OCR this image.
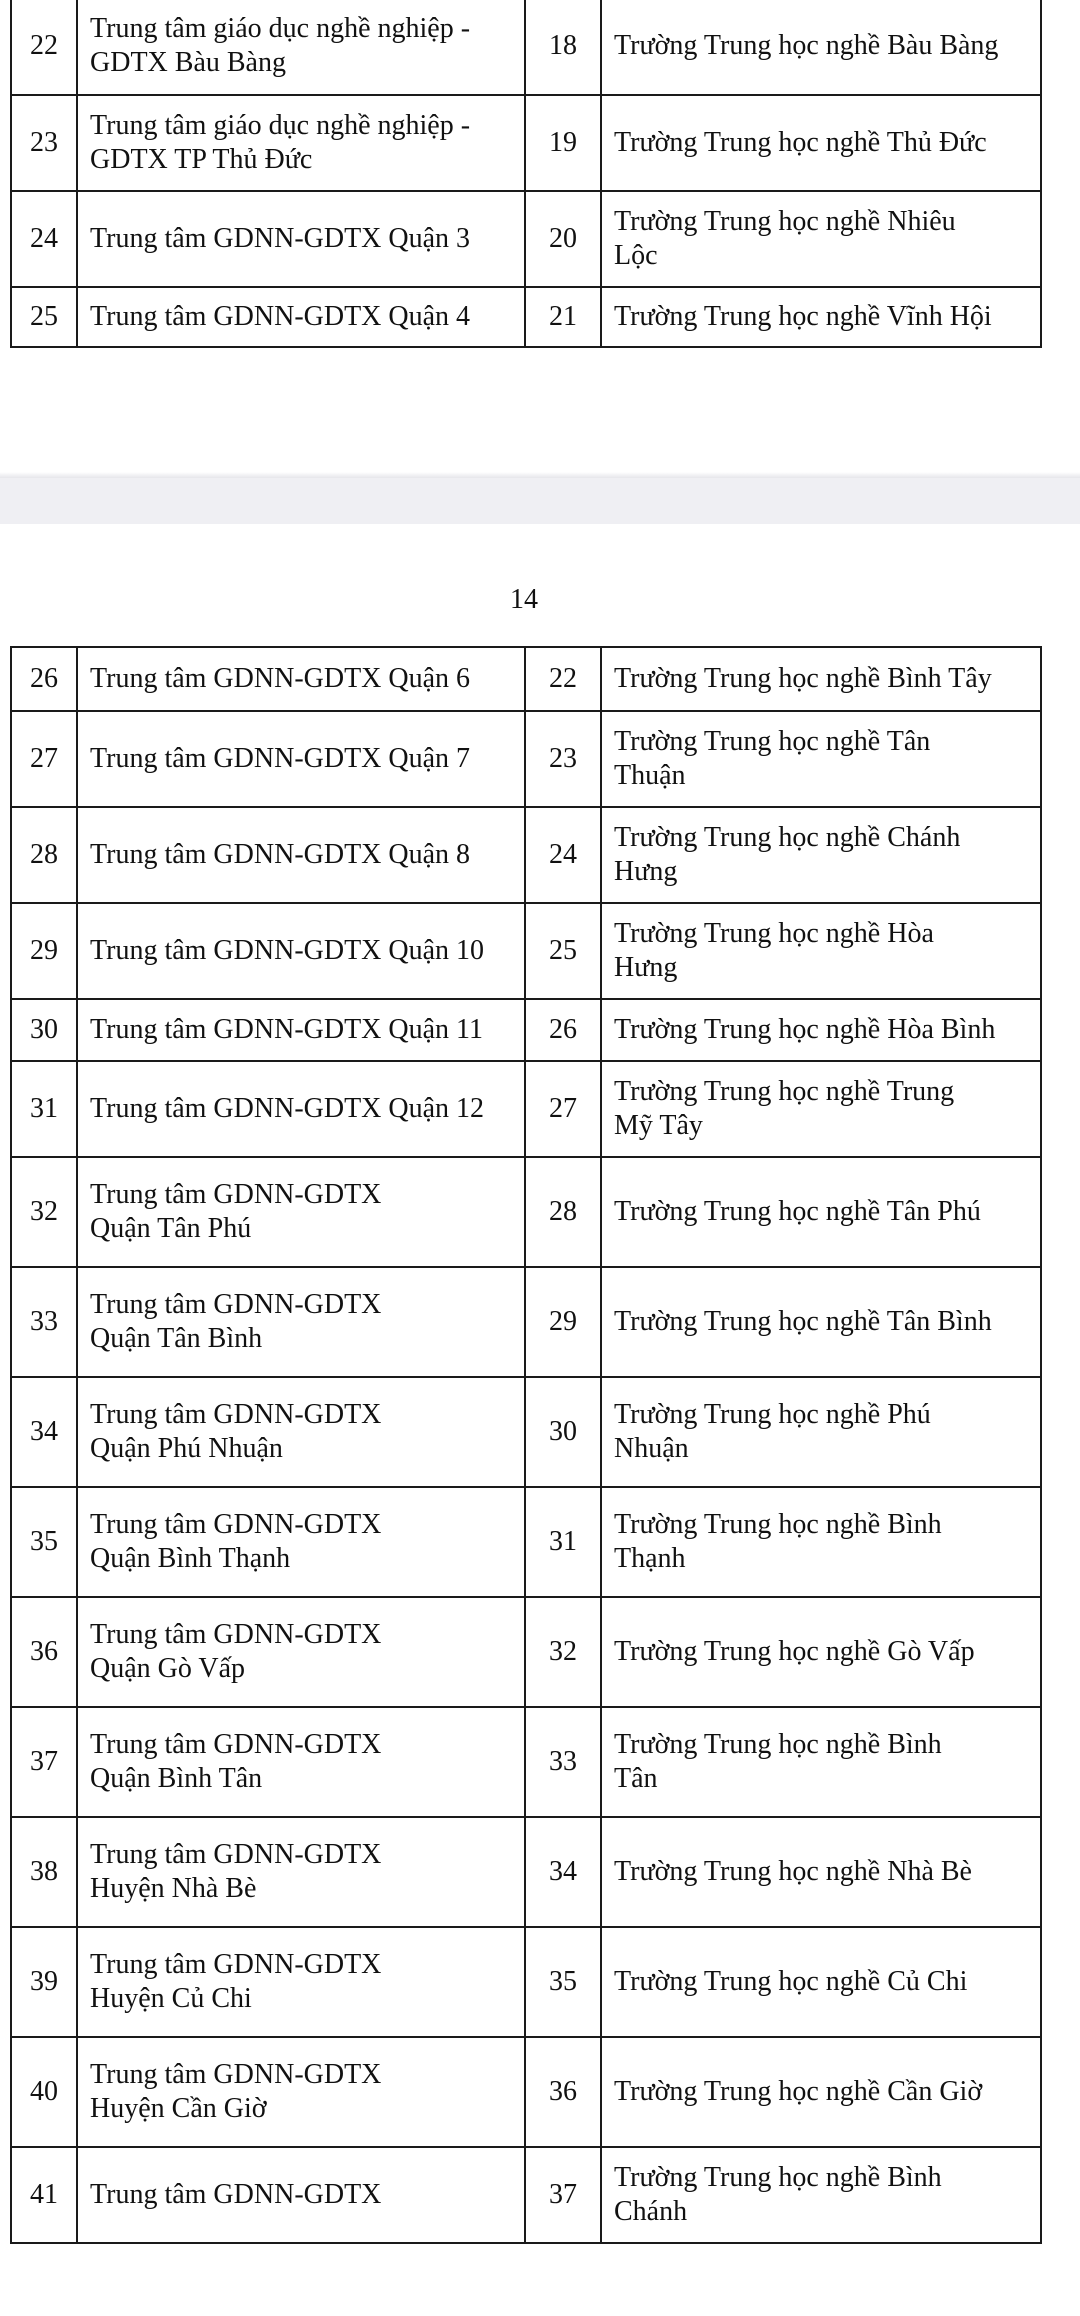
22	Trung tâm giáo dục nghề nghiệp -
GDTX Bàu Bàng	18	Trường Trung học nghề Bàu Bàng
23	Trung tâm giáo dục nghề nghiệp -
GDTX TP Thủ Đức	19	Trường Trung học nghề Thủ Đức
24	Trung tâm GDNN-GDTX Quận 3	20	Trường Trung học nghề Nhiêu
Lộc
25	Trung tâm GDNN-GDTX Quận 4	21	Trường Trung học nghề Vĩnh Hội
14
26	Trung tâm GDNN-GDTX Quận 6	22	Trường Trung học nghề Bình Tây
27	Trung tâm GDNN-GDTX Quận 7	23	Trường Trung học nghề Tân
Thuận
28	Trung tâm GDNN-GDTX Quận 8	24	Trường Trung học nghề Chánh
Hưng
29	Trung tâm GDNN-GDTX Quận 10	25	Trường Trung học nghề Hòa
Hưng
30	Trung tâm GDNN-GDTX Quận 11	26	Trường Trung học nghề Hòa Bình
31	Trung tâm GDNN-GDTX Quận 12	27	Trường Trung học nghề Trung
Mỹ Tây
32	Trung tâm GDNN-GDTX
Quận Tân Phú	28	Trường Trung học nghề Tân Phú
33	Trung tâm GDNN-GDTX
Quận Tân Bình	29	Trường Trung học nghề Tân Bình
34	Trung tâm GDNN-GDTX
Quận Phú Nhuận	30	Trường Trung học nghề Phú
Nhuận
35	Trung tâm GDNN-GDTX
Quận Bình Thạnh	31	Trường Trung học nghề Bình
Thạnh
36	Trung tâm GDNN-GDTX
Quận Gò Vấp	32	Trường Trung học nghề Gò Vấp
37	Trung tâm GDNN-GDTX
Quận Bình Tân	33	Trường Trung học nghề Bình
Tân
38	Trung tâm GDNN-GDTX
Huyện Nhà Bè	34	Trường Trung học nghề Nhà Bè
39	Trung tâm GDNN-GDTX
Huyện Củ Chi	35	Trường Trung học nghề Củ Chi
40	Trung tâm GDNN-GDTX
Huyện Cần Giờ	36	Trường Trung học nghề Cần Giờ
41	Trung tâm GDNN-GDTX	37	Trường Trung học nghề Bình
Chánh
